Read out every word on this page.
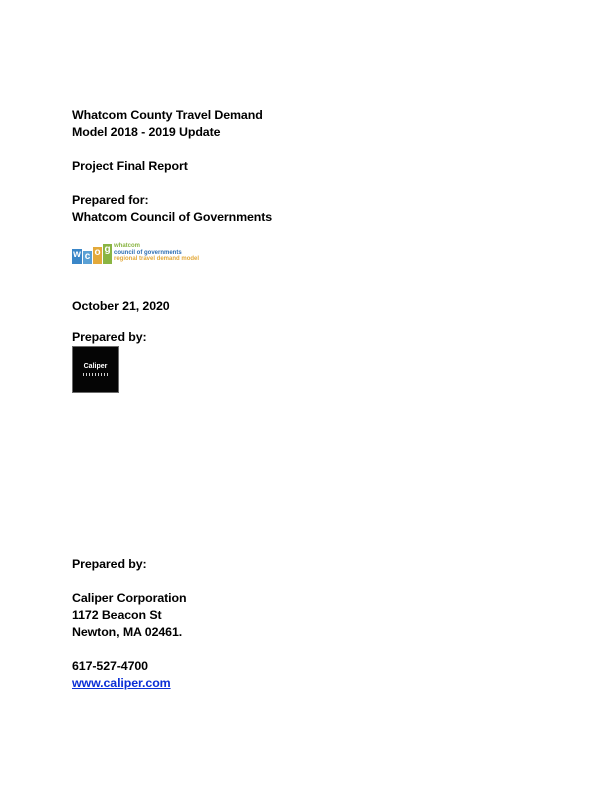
Whatcom County Travel Demand
Model 2018 - 2019 Update
Project Final Report
Prepared for:
Whatcom Council of Governments
w c o g whatcom
council of governments
regional travel demand model
October 21, 2020
Prepared by:
Caliper
Prepared by:
Caliper Corporation
1172 Beacon St
Newton, MA 02461.
617-527-4700
www.caliper.com
